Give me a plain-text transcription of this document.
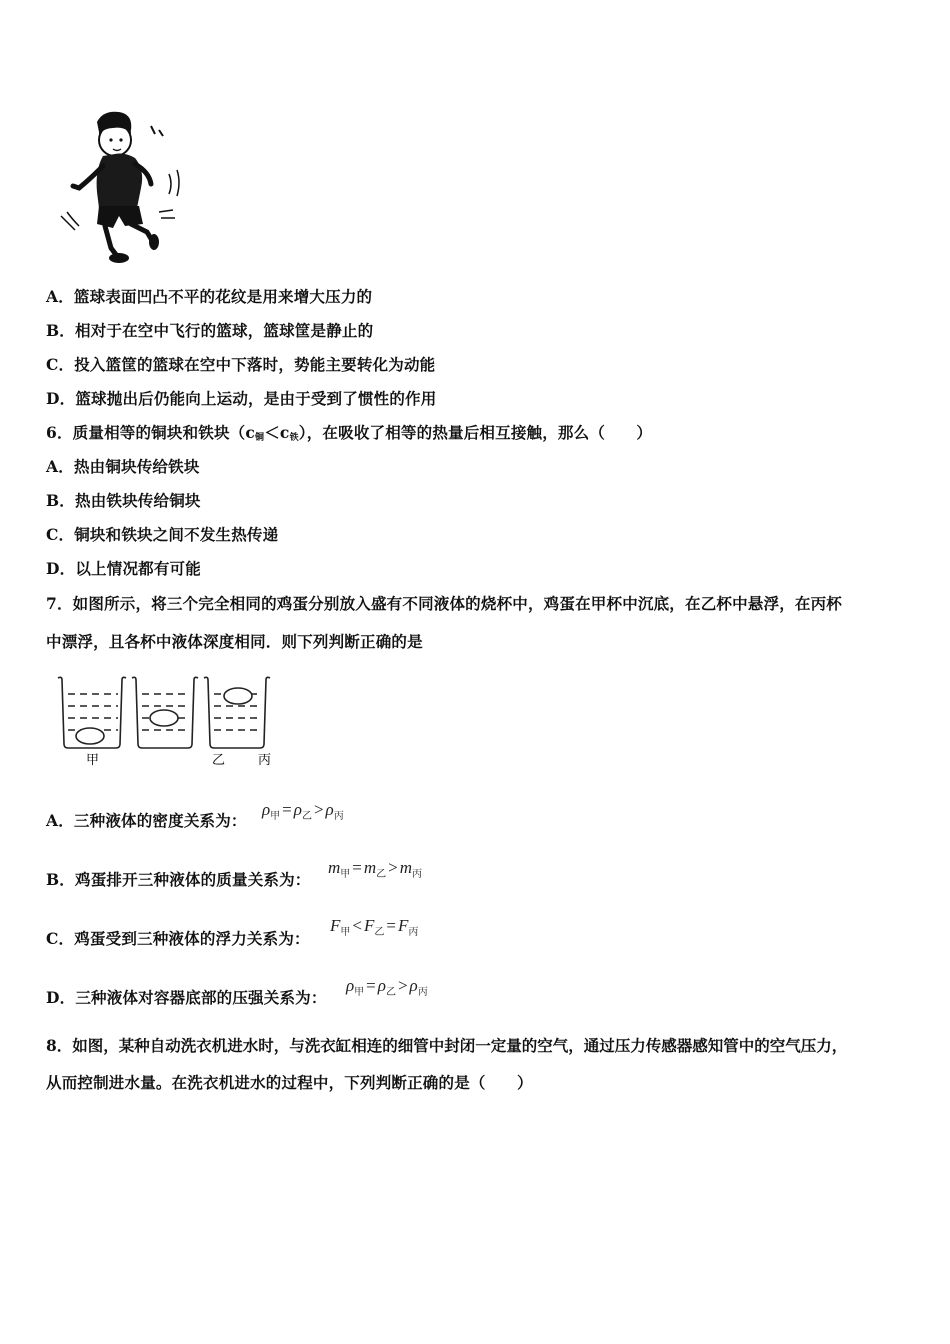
A．篮球表面凹凸不平的花纹是用来增大压力的
B．相对于在空中飞行的篮球，篮球筐是静止的
C．投入篮筐的篮球在空中下落时，势能主要转化为动能
D．篮球抛出后仍能向上运动，是由于受到了惯性的作用
6．质量相等的铜块和铁块$(c_铜<c_铁)$，在吸收了相等的热量后相互接触，那么（　　）
A．热由铜块传给铁块
B．热由铁块传给铜块
C．铜块和铁块之间不发生热传递
D．以上情况都有可能
7．如图所示，将三个完全相同的鸡蛋分别放入盛有不同液体的烧杯中，鸡蛋在甲杯中沉底，在乙杯中悬浮，在丙杯
中漂浮，且各杯中液体深度相同．则下列判断正确的是
甲	乙	丙
A．三种液体的密度关系为：
$\rho_甲 = \rho_乙 > \rho_丙$
B．鸡蛋排开三种液体的质量关系为：
$m_甲 = m_乙 > m_丙$
C．鸡蛋受到三种液体的浮力关系为：
$F_甲 < F_乙 = F_丙$
D．三种液体对容器底部的压强关系为：
$\rho_甲 = \rho_乙 > \rho_丙$
8．如图，某种自动洗衣机进水时，与洗衣缸相连的细管中封闭一定量的空气，通过压力传感器感知管中的空气压力，
从而控制进水量。在洗衣机进水的过程中，下列判断正确的是（　　）
